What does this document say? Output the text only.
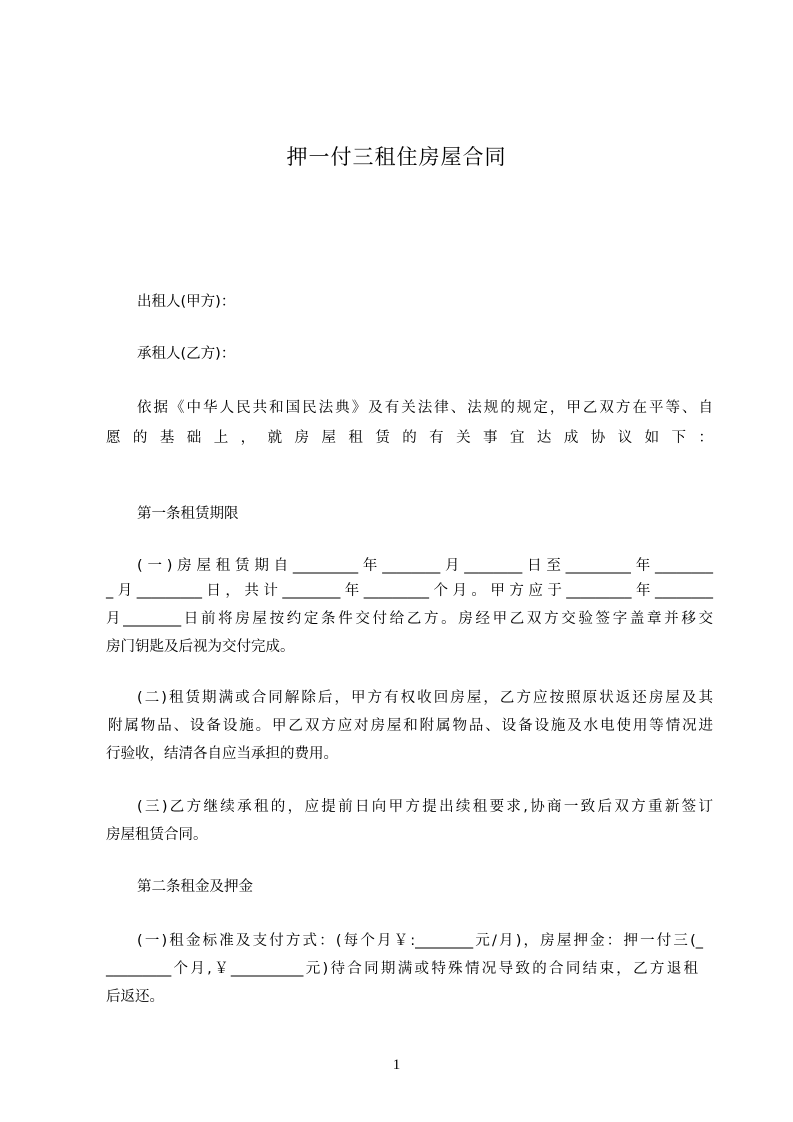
押一付三租住房屋合同
出租人(甲方)：
承租人(乙方)：
依据《中华人民共和国民法典》及有关法律、法规的规定，甲乙双方在平等、自
愿 的 基 础 上 ， 就 房 屋 租 赁 的 有 关 事 宜 达 成 协 议 如 下 ：
第一条租赁期限
(一)房屋租赁期自_________年________月________日至_________年________
_月_________日，共计________年_________个月。甲方应于_________年________
月________日前将房屋按约定条件交付给乙方。房经甲乙双方交验签字盖章并移交
房门钥匙及后视为交付完成。
(二)租赁期满或合同解除后，甲方有权收回房屋，乙方应按照原状返还房屋及其
附属物品、设备设施。甲乙双方应对房屋和附属物品、设备设施及水电使用等情况进
行验收，结清各自应当承担的费用。
(三)乙方继续承租的，应提前日向甲方提出续租要求,协商一致后双方重新签订
房屋租赁合同。
第二条租金及押金
(一)租金标准及支付方式：(每个月￥:________元/月)，房屋押金：押一付三(_
_________个月,￥__________元)待合同期满或特殊情况导致的合同结束，乙方退租
后返还。
1
